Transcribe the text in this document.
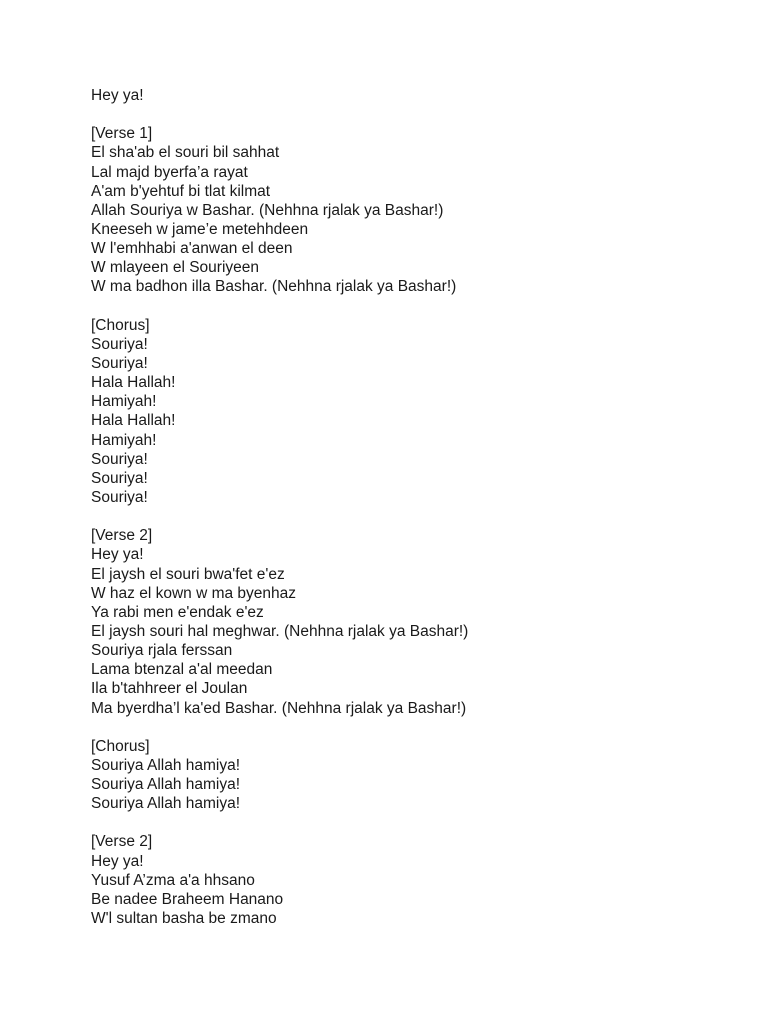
Hey ya!
[Verse 1]
El sha'ab el souri bil sahhat
Lal majd byerfa’a rayat
A'am b'yehtuf bi tlat kilmat
Allah Souriya w Bashar. (Nehhna rjalak ya Bashar!)
Kneeseh w jame’e metehhdeen
W l'emhhabi a'anwan el deen
W mlayeen el Souriyeen
W ma badhon illa Bashar. (Nehhna rjalak ya Bashar!)
[Chorus]
Souriya!
Souriya!
Hala Hallah!
Hamiyah!
Hala Hallah!
Hamiyah!
Souriya!
Souriya!
Souriya!
[Verse 2]
Hey ya!
El jaysh el souri bwa'fet e'ez
W haz el kown w ma byenhaz
Ya rabi men e'endak e'ez
El jaysh souri hal meghwar. (Nehhna rjalak ya Bashar!)
Souriya rjala ferssan
Lama btenzal a'al meedan
Ila b'tahhreer el Joulan
Ma byerdha’l ka'ed Bashar. (Nehhna rjalak ya Bashar!)
[Chorus]
Souriya Allah hamiya!
Souriya Allah hamiya!
Souriya Allah hamiya!
[Verse 2]
Hey ya!
Yusuf A’zma a'a hhsano
Be nadee Braheem Hanano
W'l sultan basha be zmano
